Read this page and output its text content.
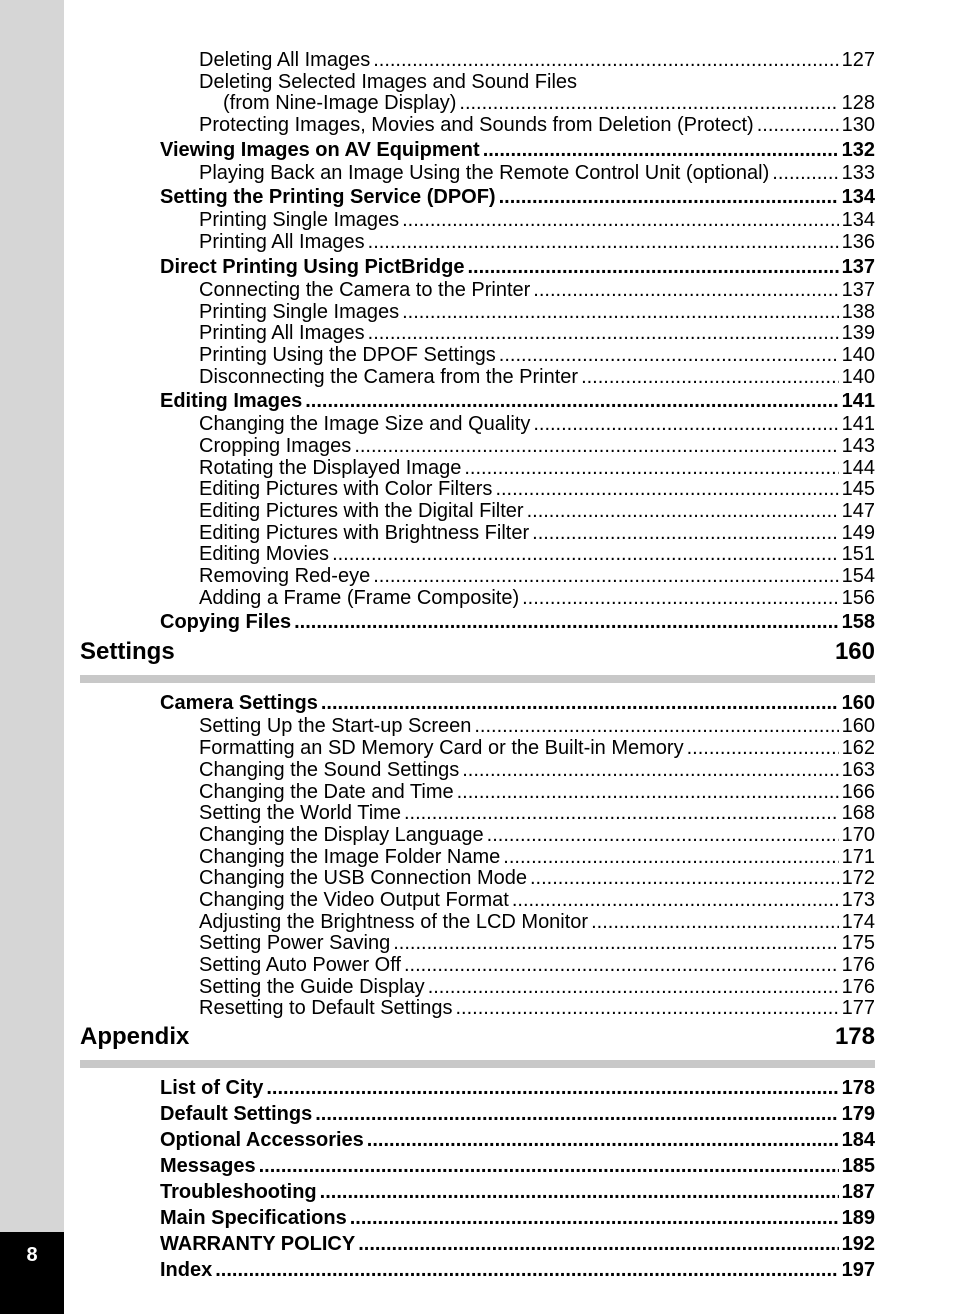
8
Deleting All Images .....	127
Deleting Selected Images and Sound Files
(from Nine-Image Display) .....	128
Protecting Images, Movies and Sounds from Deletion (Protect) .....	130
Viewing Images on AV Equipment .....	132
Playing Back an Image Using the Remote Control Unit (optional) .....	133
Setting the Printing Service (DPOF) .....	134
Printing Single Images .....	134
Printing All Images .....	136
Direct Printing Using PictBridge .....	137
Connecting the Camera to the Printer .....	137
Printing Single Images .....	138
Printing All Images .....	139
Printing Using the DPOF Settings .....	140
Disconnecting the Camera from the Printer .....	140
Editing Images .....	141
Changing the Image Size and Quality .....	141
Cropping Images .....	143
Rotating the Displayed Image .....	144
Editing Pictures with Color Filters .....	145
Editing Pictures with the Digital Filter .....	147
Editing Pictures with Brightness Filter .....	149
Editing Movies .....	151
Removing Red-eye .....	154
Adding a Frame (Frame Composite) .....	156
Copying Files .....	158
Settings	160
Camera Settings .....	160
Setting Up the Start-up Screen .....	160
Formatting an SD Memory Card or the Built-in Memory .....	162
Changing the Sound Settings .....	163
Changing the Date and Time .....	166
Setting the World Time .....	168
Changing the Display Language .....	170
Changing the Image Folder Name .....	171
Changing the USB Connection Mode .....	172
Changing the Video Output Format .....	173
Adjusting the Brightness of the LCD Monitor .....	174
Setting Power Saving .....	175
Setting Auto Power Off .....	176
Setting the Guide Display .....	176
Resetting to Default Settings .....	177
Appendix	178
List of City .....	178
Default Settings .....	179
Optional Accessories .....	184
Messages .....	185
Troubleshooting .....	187
Main Specifications .....	189
WARRANTY POLICY .....	192
Index .....	197
